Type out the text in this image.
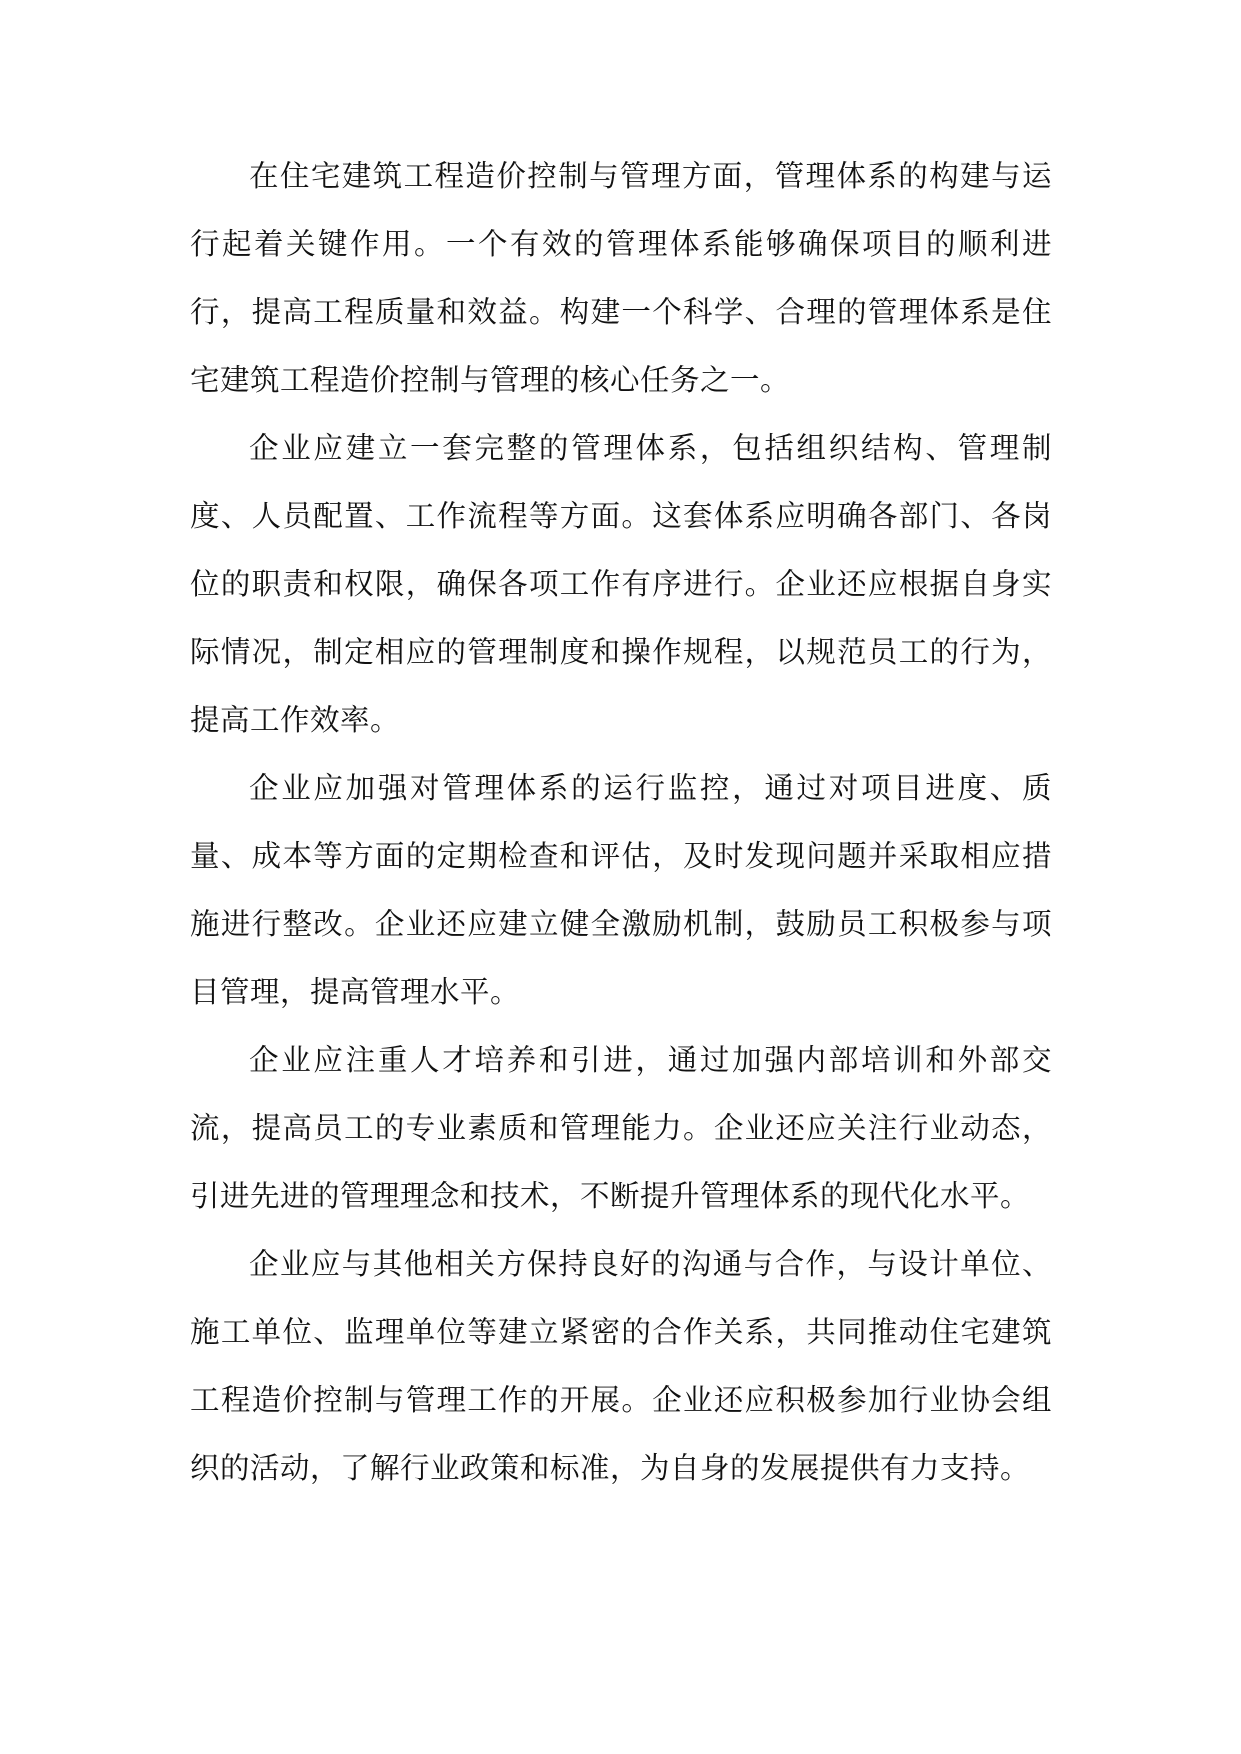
在住宅建筑工程造价控制与管理方面，管理体系的构建与运行起着关键作用。一个有效的管理体系能够确保项目的顺利进行，提高工程质量和效益。构建一个科学、合理的管理体系是住宅建筑工程造价控制与管理的核心任务之一。

企业应建立一套完整的管理体系，包括组织结构、管理制度、人员配置、工作流程等方面。这套体系应明确各部门、各岗位的职责和权限，确保各项工作有序进行。企业还应根据自身实际情况，制定相应的管理制度和操作规程，以规范员工的行为，提高工作效率。

企业应加强对管理体系的运行监控，通过对项目进度、质量、成本等方面的定期检查和评估，及时发现问题并采取相应措施进行整改。企业还应建立健全激励机制，鼓励员工积极参与项目管理，提高管理水平。

企业应注重人才培养和引进，通过加强内部培训和外部交流，提高员工的专业素质和管理能力。企业还应关注行业动态，引进先进的管理理念和技术，不断提升管理体系的现代化水平。

企业应与其他相关方保持良好的沟通与合作，与设计单位、施工单位、监理单位等建立紧密的合作关系，共同推动住宅建筑工程造价控制与管理工作的开展。企业还应积极参加行业协会组织的活动，了解行业政策和标准，为自身的发展提供有力支持。
